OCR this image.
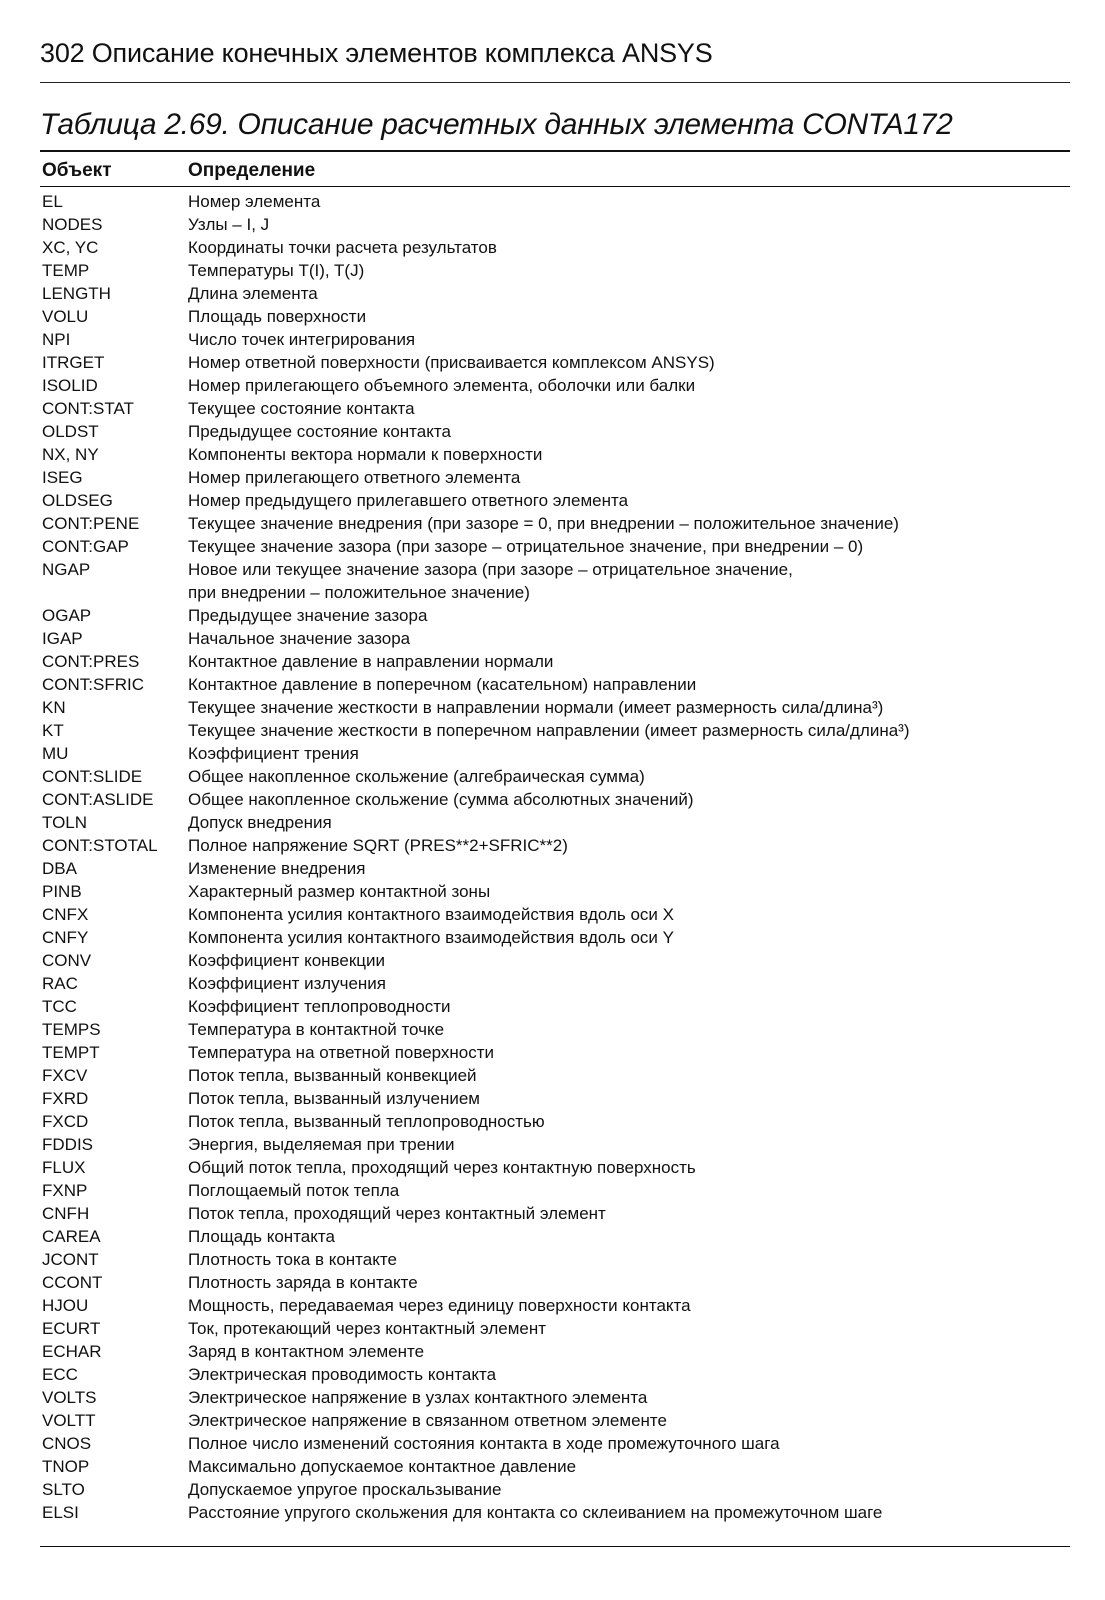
302 Описание конечных элементов комплекса ANSYS
Таблица 2.69. Описание расчетных данных элемента CONTA172
Объект	Определение
EL	Номер элемента
NODES	Узлы – I, J
XC, YC	Координаты точки расчета результатов
TEMP	Температуры T(I), T(J)
LENGTH	Длина элемента
VOLU	Площадь поверхности
NPI	Число точек интегрирования
ITRGET	Номер ответной поверхности (присваивается комплексом ANSYS)
ISOLID	Номер прилегающего объемного элемента, оболочки или балки
CONT:STAT	Текущее состояние контакта
OLDST	Предыдущее состояние контакта
NX, NY	Компоненты вектора нормали к поверхности
ISEG	Номер прилегающего ответного элемента
OLDSEG	Номер предыдущего прилегавшего ответного элемента
CONT:PENE	Текущее значение внедрения (при зазоре = 0, при внедрении – положительное значение)
CONT:GAP	Текущее значение зазора (при зазоре – отрицательное значение, при внедрении – 0)
NGAP	Новое или текущее значение зазора (при зазоре – отрицательное значение,
при внедрении – положительное значение)
OGAP	Предыдущее значение зазора
IGAP	Начальное значение зазора
CONT:PRES	Контактное давление в направлении нормали
CONT:SFRIC	Контактное давление в поперечном (касательном) направлении
KN	Текущее значение жесткости в направлении нормали (имеет размерность сила/длина³)
KT	Текущее значение жесткости в поперечном направлении (имеет размерность сила/длина³)
MU	Коэффициент трения
CONT:SLIDE	Общее накопленное скольжение (алгебраическая сумма)
CONT:ASLIDE	Общее накопленное скольжение (сумма абсолютных значений)
TOLN	Допуск внедрения
CONT:STOTAL	Полное напряжение SQRT (PRES**2+SFRIC**2)
DBA	Изменение внедрения
PINB	Характерный размер контактной зоны
CNFX	Компонента усилия контактного взаимодействия вдоль оси X
CNFY	Компонента усилия контактного взаимодействия вдоль оси Y
CONV	Коэффициент конвекции
RAC	Коэффициент излучения
TCC	Коэффициент теплопроводности
TEMPS	Температура в контактной точке
TEMPT	Температура на ответной поверхности
FXCV	Поток тепла, вызванный конвекцией
FXRD	Поток тепла, вызванный излучением
FXCD	Поток тепла, вызванный теплопроводностью
FDDIS	Энергия, выделяемая при трении
FLUX	Общий поток тепла, проходящий через контактную поверхность
FXNP	Поглощаемый поток тепла
CNFH	Поток тепла, проходящий через контактный элемент
CAREA	Площадь контакта
JCONT	Плотность тока в контакте
CCONT	Плотность заряда в контакте
HJOU	Мощность, передаваемая через единицу поверхности контакта
ECURT	Ток, протекающий через контактный элемент
ECHAR	Заряд в контактном элементе
ECC	Электрическая проводимость контакта
VOLTS	Электрическое напряжение в узлах контактного элемента
VOLTT	Электрическое напряжение в связанном ответном элементе
CNOS	Полное число изменений состояния контакта в ходе промежуточного шага
TNOP	Максимально допускаемое контактное давление
SLTO	Допускаемое упругое проскальзывание
ELSI	Расстояние упругого скольжения для контакта со склеиванием на промежуточном шаге
